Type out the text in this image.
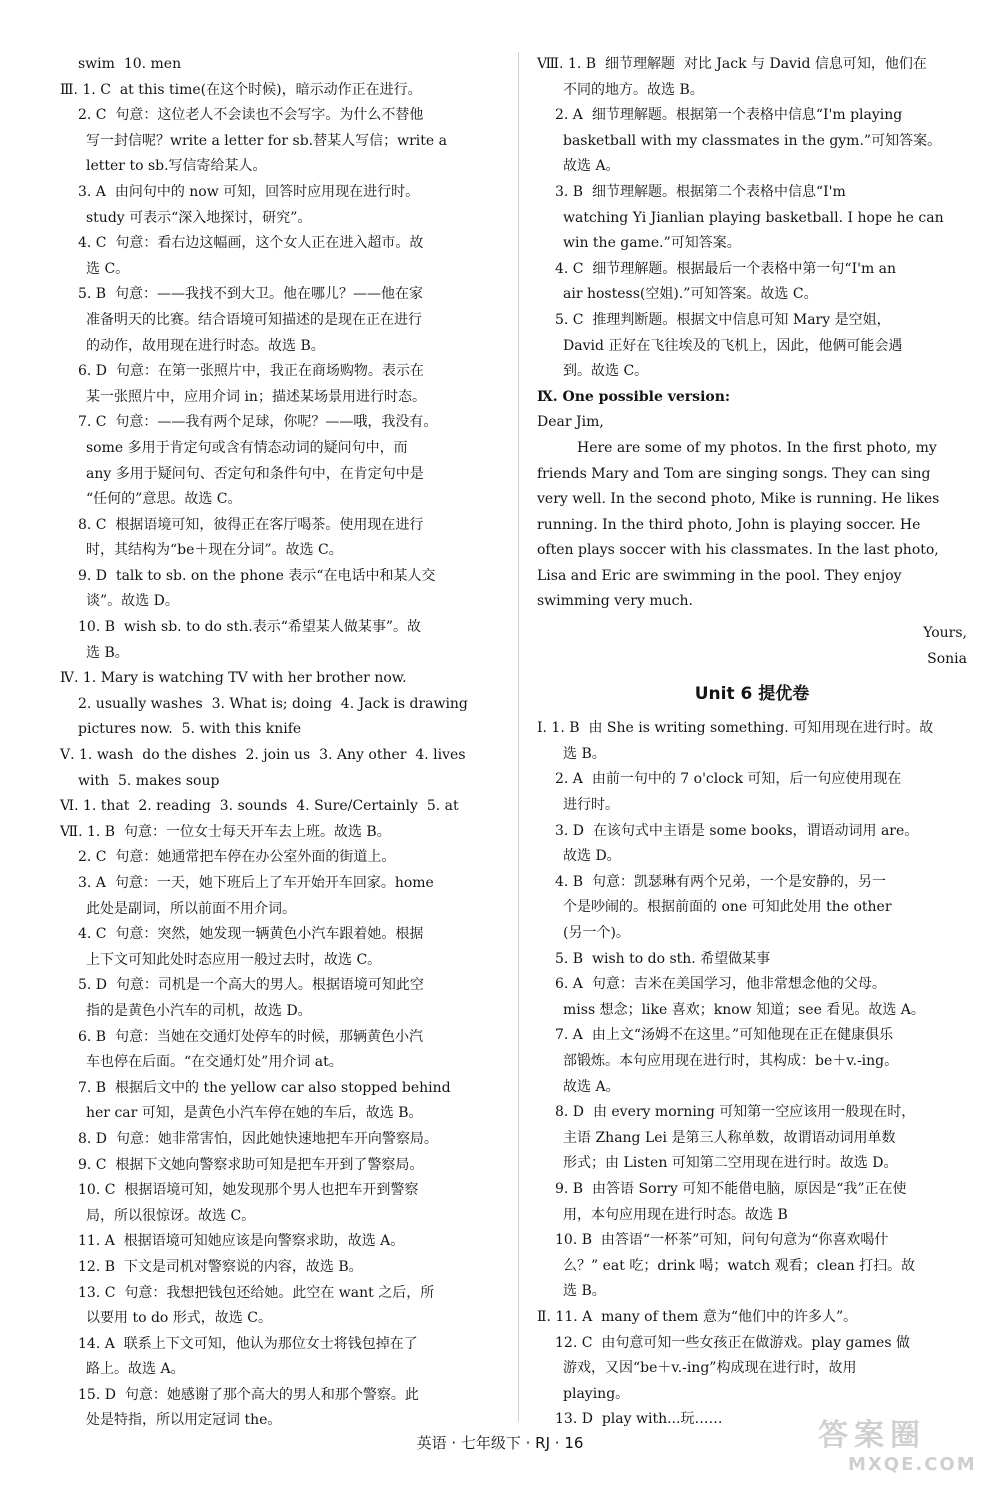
swim  10. men
Ⅲ. 1. C at this time(在这个时候)，暗示动作正在进行。
2. C 句意：这位老人不会读也不会写字。为什么不替他
写一封信呢？write a letter for sb.替某人写信；write a
letter to sb.写信寄给某人。
3. A 由问句中的 now 可知，回答时应用现在进行时。
study 可表示“深入地探讨，研究”。
4. C 句意：看右边这幅画，这个女人正在进入超市。故
选 C。
5. B 句意：——我找不到大卫。他在哪儿？——他在家
准备明天的比赛。结合语境可知描述的是现在正在进行
的动作，故用现在进行时态。故选 B。
6. D 句意：在第一张照片中，我正在商场购物。表示在
某一张照片中，应用介词 in；描述某场景用进行时态。
7. C 句意：——我有两个足球，你呢？——哦，我没有。
some 多用于肯定句或含有情态动词的疑问句中，而
any 多用于疑问句、否定句和条件句中，在肯定句中是
“任何的”意思。故选 C。
8. C 根据语境可知，彼得正在客厅喝茶。使用现在进行
时，其结构为“be＋现在分词”。故选 C。
9. D talk to sb. on the phone 表示“在电话中和某人交
谈”。故选 D。
10. B wish sb. to do sth.表示“希望某人做某事”。故
选 B。
Ⅳ. 1. Mary is watching TV with her brother now.
2. usually washes  3. What is; doing  4. Jack is drawing
pictures now.  5. with this knife
Ⅴ. 1. wash  do the dishes  2. join us  3. Any other  4. lives
with  5. makes soup
Ⅵ. 1. that  2. reading  3. sounds  4. Sure/Certainly  5. at
Ⅶ. 1. B 句意：一位女士每天开车去上班。故选 B。
2. C 句意：她通常把车停在办公室外面的街道上。
3. A 句意：一天，她下班后上了车开始开车回家。home
此处是副词，所以前面不用介词。
4. C 句意：突然，她发现一辆黄色小汽车跟着她。根据
上下文可知此处时态应用一般过去时，故选 C。
5. D 句意：司机是一个高大的男人。根据语境可知此空
指的是黄色小汽车的司机，故选 D。
6. B 句意：当她在交通灯处停车的时候，那辆黄色小汽
车也停在后面。“在交通灯处”用介词 at。
7. B 根据后文中的 the yellow car also stopped behind
her car 可知，是黄色小汽车停在她的车后，故选 B。
8. D 句意：她非常害怕，因此她快速地把车开向警察局。
9. C 根据下文她向警察求助可知是把车开到了警察局。
10. C 根据语境可知，她发现那个男人也把车开到警察
局，所以很惊讶。故选 C。
11. A 根据语境可知她应该是向警察求助，故选 A。
12. B 下文是司机对警察说的内容，故选 B。
13. C 句意：我想把钱包还给她。此空在 want 之后，所
以要用 to do 形式，故选 C。
14. A 联系上下文可知，他认为那位女士将钱包掉在了
路上。故选 A。
15. D 句意：她感谢了那个高大的男人和那个警察。此
处是特指，所以用定冠词 the。
Ⅷ. 1. B 细节理解题  对比 Jack 与 David 信息可知，他们在
不同的地方。故选 B。
2. A 细节理解题。根据第一个表格中信息“I'm playing
basketball with my classmates in the gym.”可知答案。
故选 A。
3. B 细节理解题。根据第二个表格中信息“I'm
watching Yi Jianlian playing basketball. I hope he can
win the game.”可知答案。
4. C 细节理解题。根据最后一个表格中第一句“I'm an
air hostess(空姐).”可知答案。故选 C。
5. C 推理判断题。根据文中信息可知 Mary 是空姐，
David 正好在飞往埃及的飞机上，因此，他俩可能会遇
到。故选 C。
Ⅸ. One possible version:
Dear Jim,
Here are some of my photos. In the first photo, my
friends Mary and Tom are singing songs. They can sing
very well. In the second photo, Mike is running. He likes
running. In the third photo, John is playing soccer. He
often plays soccer with his classmates. In the last photo,
Lisa and Eric are swimming in the pool. They enjoy
swimming very much.
Yours,
Sonia
Unit 6 提优卷
Ⅰ. 1. B 由 She is writing something. 可知用现在进行时。故
选 B。
2. A 由前一句中的 7 o'clock 可知，后一句应使用现在
进行时。
3. D 在该句式中主语是 some books，谓语动词用 are。
故选 D。
4. B 句意：凯瑟琳有两个兄弟，一个是安静的，另一
个是吵闹的。根据前面的 one 可知此处用 the other
(另一个)。
5. B wish to do sth. 希望做某事
6. A 句意：吉米在美国学习，他非常想念他的父母。
miss 想念；like 喜欢；know 知道；see 看见。故选 A。
7. A 由上文“汤姆不在这里。”可知他现在正在健康俱乐
部锻炼。本句应用现在进行时，其构成：be＋v.-ing。
故选 A。
8. D 由 every morning 可知第一空应该用一般现在时，
主语 Zhang Lei 是第三人称单数，故谓语动词用单数
形式；由 Listen 可知第二空用现在进行时。故选 D。
9. B 由答语 Sorry 可知不能借电脑，原因是“我”正在使
用，本句应用现在进行时态。故选 B
10. B 由答语“一杯茶”可知，问句句意为“你喜欢喝什
么？” eat 吃；drink 喝；watch 观看；clean 打扫。故
选 B。
Ⅱ. 11. A many of them 意为“他们中的许多人”。
12. C 由句意可知一些女孩正在做游戏。play games 做
游戏，又因“be＋v.-ing”构成现在进行时，故用
playing。
13. D play with...玩……
英语 · 七年级下 · RJ · 16	答案圈
MXQE.COM
